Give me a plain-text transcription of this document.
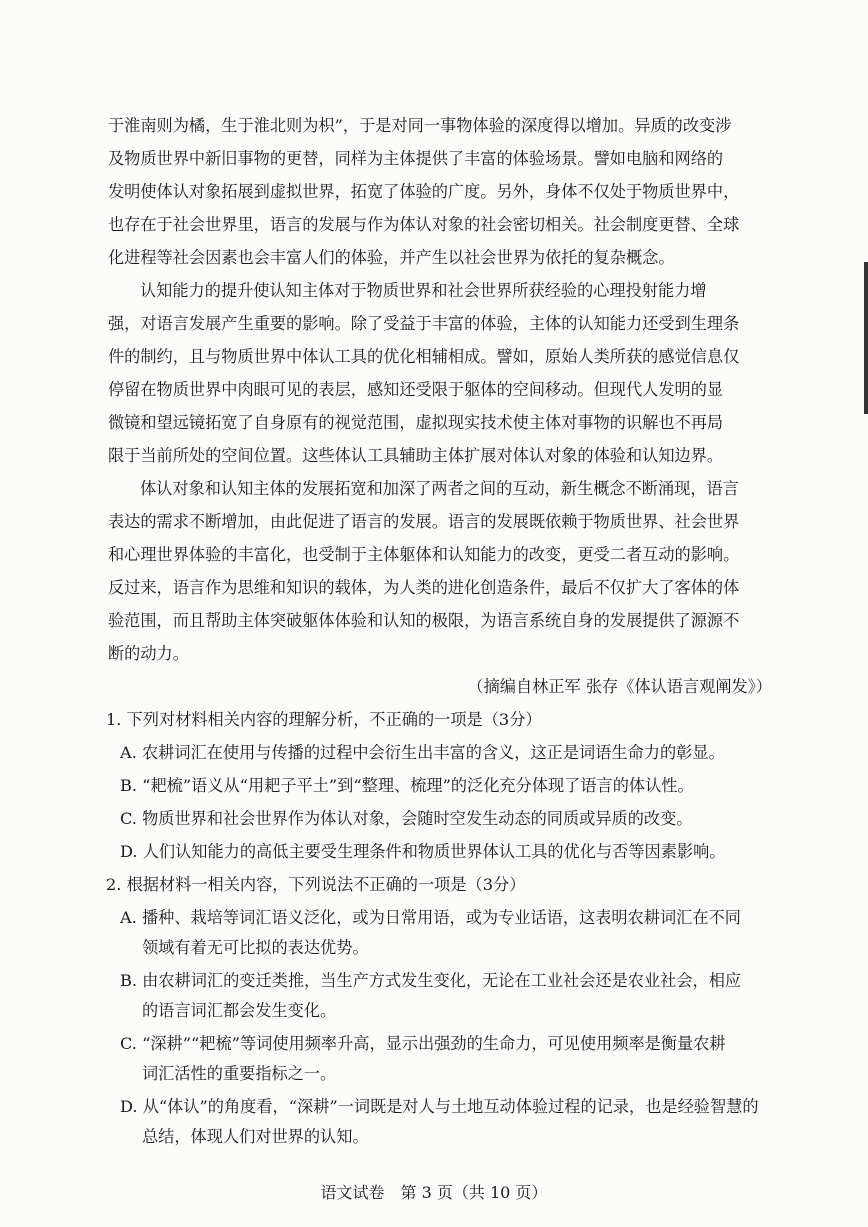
于淮南则为橘，生于淮北则为枳”，于是对同一事物体验的深度得以增加。异质的改变涉
及物质世界中新旧事物的更替，同样为主体提供了丰富的体验场景。譬如电脑和网络的
发明使体认对象拓展到虚拟世界，拓宽了体验的广度。另外，身体不仅处于物质世界中，
也存在于社会世界里，语言的发展与作为体认对象的社会密切相关。社会制度更替、全球
化进程等社会因素也会丰富人们的体验，并产生以社会世界为依托的复杂概念。
认知能力的提升使认知主体对于物质世界和社会世界所获经验的心理投射能力增
强，对语言发展产生重要的影响。除了受益于丰富的体验，主体的认知能力还受到生理条
件的制约，且与物质世界中体认工具的优化相辅相成。譬如，原始人类所获的感觉信息仅
停留在物质世界中肉眼可见的表层，感知还受限于躯体的空间移动。但现代人发明的显
微镜和望远镜拓宽了自身原有的视觉范围，虚拟现实技术使主体对事物的识解也不再局
限于当前所处的空间位置。这些体认工具辅助主体扩展对体认对象的体验和认知边界。
体认对象和认知主体的发展拓宽和加深了两者之间的互动，新生概念不断涌现，语言
表达的需求不断增加，由此促进了语言的发展。语言的发展既依赖于物质世界、社会世界
和心理世界体验的丰富化，也受制于主体躯体和认知能力的改变，更受二者互动的影响。
反过来，语言作为思维和知识的载体，为人类的进化创造条件，最后不仅扩大了客体的体
验范围，而且帮助主体突破躯体体验和认知的极限，为语言系统自身的发展提供了源源不
断的动力。
（摘编自林正军 张存《体认语言观阐发》）
1. 下列对材料相关内容的理解分析，不正确的一项是（3分）
A. 农耕词汇在使用与传播的过程中会衍生出丰富的含义，这正是词语生命力的彰显。
B. “耙梳”语义从“用耙子平土”到“整理、梳理”的泛化充分体现了语言的体认性。
C. 物质世界和社会世界作为体认对象，会随时空发生动态的同质或异质的改变。
D. 人们认知能力的高低主要受生理条件和物质世界体认工具的优化与否等因素影响。
2. 根据材料一相关内容，下列说法不正确的一项是（3分）
A. 播种、栽培等词汇语义泛化，或为日常用语，或为专业话语，这表明农耕词汇在不同
领域有着无可比拟的表达优势。
B. 由农耕词汇的变迁类推，当生产方式发生变化，无论在工业社会还是农业社会，相应
的语言词汇都会发生变化。
C. “深耕”“耙梳”等词使用频率升高，显示出强劲的生命力，可见使用频率是衡量农耕
词汇活性的重要指标之一。
语文试卷　第 3 页（共 10 页）
D. 从“体认”的角度看，“深耕”一词既是对人与土地互动体验过程的记录，也是经验智慧的
总结，体现人们对世界的认知。
